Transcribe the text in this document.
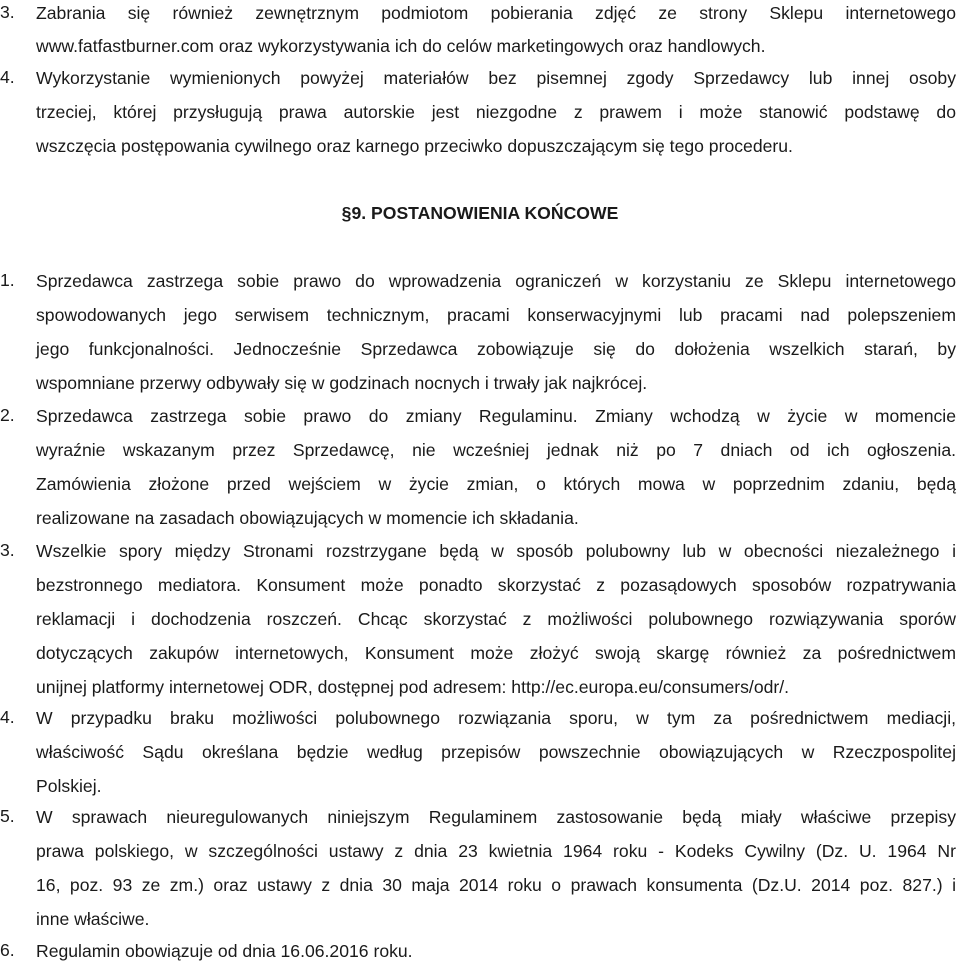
3.	Zabrania się również zewnętrznym podmiotom pobierania zdjęć ze strony Sklepu internetowego
www.fatfastburner.com oraz wykorzystywania ich do celów marketingowych oraz handlowych.
4.	Wykorzystanie wymienionych powyżej materiałów bez pisemnej zgody Sprzedawcy lub innej osoby
trzeciej, której przysługują prawa autorskie jest niezgodne z prawem i może stanowić podstawę do
wszczęcia postępowania cywilnego oraz karnego przeciwko dopuszczającym się tego procederu.
§9. POSTANOWIENIA KOŃCOWE
1.	Sprzedawca zastrzega sobie prawo do wprowadzenia ograniczeń w korzystaniu ze Sklepu internetowego
spowodowanych jego serwisem technicznym, pracami konserwacyjnymi lub pracami nad polepszeniem
jego funkcjonalności. Jednocześnie Sprzedawca zobowiązuje się do dołożenia wszelkich starań, by
wspomniane przerwy odbywały się w godzinach nocnych i trwały jak najkrócej.
2.	Sprzedawca zastrzega sobie prawo do zmiany Regulaminu. Zmiany wchodzą w życie w momencie
wyraźnie wskazanym przez Sprzedawcę, nie wcześniej jednak niż po 7 dniach od ich ogłoszenia.
Zamówienia złożone przed wejściem w życie zmian, o których mowa w poprzednim zdaniu, będą
realizowane na zasadach obowiązujących w momencie ich składania.
3.	Wszelkie spory między Stronami rozstrzygane będą w sposób polubowny lub w obecności niezależnego i
bezstronnego mediatora. Konsument może ponadto skorzystać z pozasądowych sposobów rozpatrywania
reklamacji i dochodzenia roszczeń. Chcąc skorzystać z możliwości polubownego rozwiązywania sporów
dotyczących zakupów internetowych, Konsument może złożyć swoją skargę również za pośrednictwem
unijnej platformy internetowej ODR, dostępnej pod adresem: http://ec.europa.eu/consumers/odr/.
4.	W przypadku braku możliwości polubownego rozwiązania sporu, w tym za pośrednictwem mediacji,
właściwość Sądu określana będzie według przepisów powszechnie obowiązujących w Rzeczpospolitej
Polskiej.
5.	W sprawach nieuregulowanych niniejszym Regulaminem zastosowanie będą miały właściwe przepisy
prawa polskiego, w szczególności ustawy z dnia 23 kwietnia 1964 roku - Kodeks Cywilny (Dz. U. 1964 Nr
16, poz. 93 ze zm.) oraz ustawy z dnia 30 maja 2014 roku o prawach konsumenta (Dz.U. 2014 poz. 827.) i
inne właściwe.
6.	Regulamin obowiązuje od dnia 16.06.2016 roku.
